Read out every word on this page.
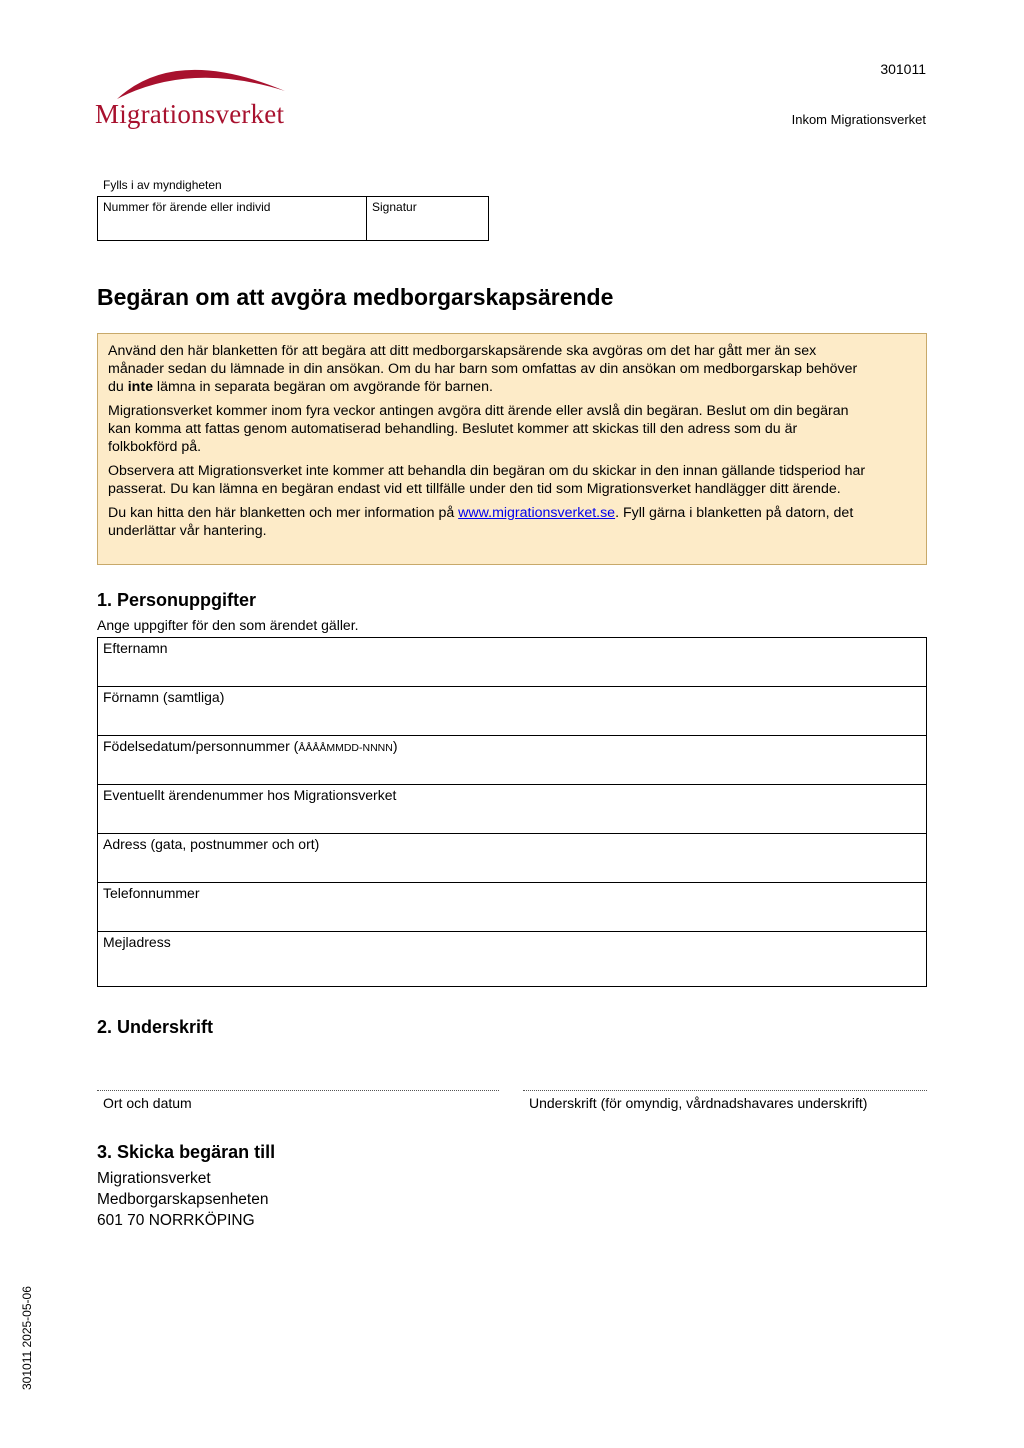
Migrationsverket
301011
Inkom Migrationsverket
Fylls i av myndigheten
Nummer för ärende eller individ	Signatur
Begäran om att avgöra medborgarskapsärende

Använd den här blanketten för att begära att ditt medborgarskapsärende ska avgöras om det har gått mer än sex månader sedan du lämnade in din ansökan. Om du har barn som omfattas av din ansökan om medborgarskap behöver du inte lämna in separata begäran om avgörande för barnen.

Migrationsverket kommer inom fyra veckor antingen avgöra ditt ärende eller avslå din begäran. Beslut om din begäran kan komma att fattas genom automatiserad behandling. Beslutet kommer att skickas till den adress som du är folkbokförd på.

Observera att Migrationsverket inte kommer att behandla din begäran om du skickar in den innan gällande tidsperiod har passerat. Du kan lämna en begäran endast vid ett tillfälle under den tid som Migrationsverket handlägger ditt ärende.

Du kan hitta den här blanketten och mer information på www.migrationsverket.se. Fyll gärna i blanketten på datorn, det underlättar vår hantering.

1. Personuppgifter
Ange uppgifter för den som ärendet gäller.
Efternamn
Förnamn (samtliga)
Födelsedatum/personnummer (ÅÅÅÅMMDD-NNNN)
Eventuellt ärendenummer hos Migrationsverket
Adress (gata, postnummer och ort)
Telefonnummer
Mejladress
2. Underskrift
Ort och datum	Underskrift (för omyndig, vårdnadshavares underskrift)
3. Skicka begäran till
Migrationsverket
Medborgarskapsenheten
601 70 NORRKÖPING
301011 2025-05-06
